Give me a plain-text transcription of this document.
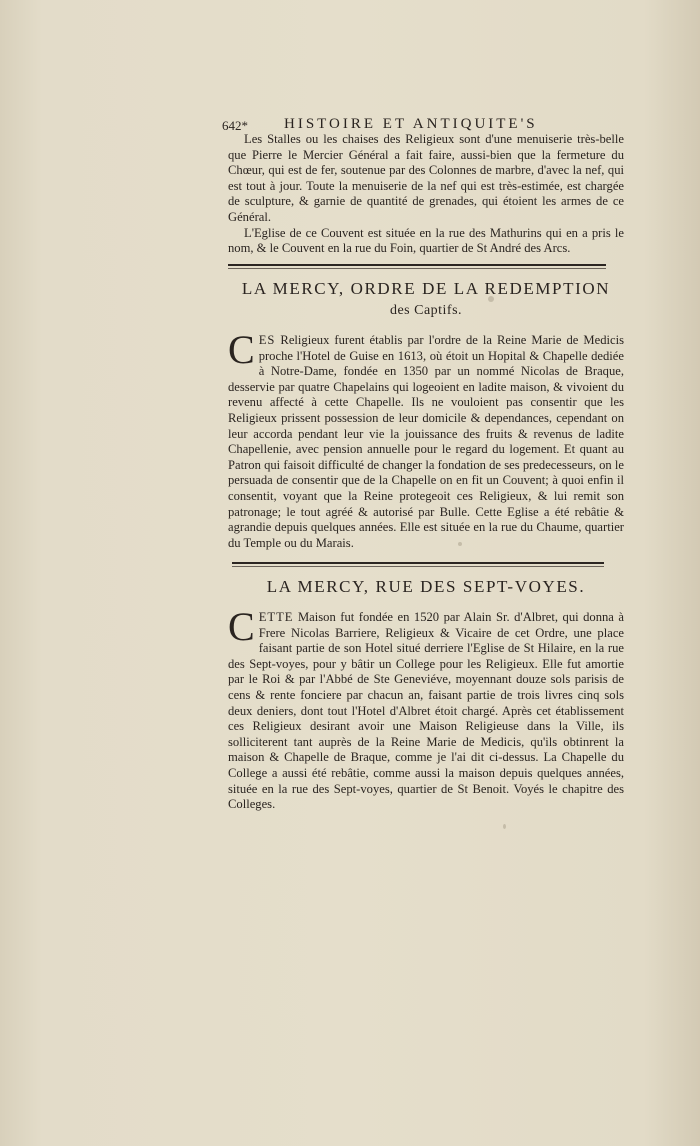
642* HISTOIRE ET ANTIQUITE'S

Les Stalles ou les chaises des Religieux sont d'une menuiserie très-belle que Pierre le Mercier Général a fait faire, aussi-bien que la fermeture du Chœur, qui est de fer, soutenue par des Colonnes de marbre, d'avec la nef, qui est tout à jour. Toute la menuiserie de la nef qui est très-estimée, est chargée de sculpture, & garnie de quantité de grenades, qui étoient les armes de ce Général.

L'Eglise de ce Couvent est située en la rue des Mathurins qui en a pris le nom, & le Couvent en la rue du Foin, quartier de St André des Arcs.

LA MERCY, ORDRE DE LA REDEMPTION
des Captifs.

C ES Religieux furent établis par l'ordre de la Reine Marie de Medicis proche l'Hotel de Guise en 1613, où étoit un Hopital & Chapelle dediée à Notre-Dame, fondée en 1350 par un nommé Nicolas de Braque, desservie par quatre Chapelains qui logeoient en ladite maison, & vivoient du revenu affecté à cette Chapelle. Ils ne vouloient pas consentir que les Religieux prissent possession de leur domicile & dependances, cependant on leur accorda pendant leur vie la jouissance des fruits & revenus de ladite Chapellenie, avec pension annuelle pour le regard du logement. Et quant au Patron qui faisoit difficulté de changer la fondation de ses predecesseurs, on le persuada de consentir que de la Chapelle on en fit un Couvent; à quoi enfin il consentit, voyant que la Reine protegeoit ces Religieux, & lui remit son patronage; le tout agréé & autorisé par Bulle. Cette Eglise a été rebâtie & agrandie depuis quelques années. Elle est située en la rue du Chaume, quartier du Temple ou du Marais.

LA MERCY, RUE DES SEPT-VOYES.

C ETTE Maison fut fondée en 1520 par Alain Sr. d'Albret, qui donna à Frere Nicolas Barriere, Religieux & Vicaire de cet Ordre, une place faisant partie de son Hotel situé derriere l'Eglise de St Hilaire, en la rue des Sept-voyes, pour y bâtir un College pour les Religieux. Elle fut amortie par le Roi & par l'Abbé de Ste Geneviéve, moyennant douze sols parisis de cens & rente fonciere par chacun an, faisant partie de trois livres cinq sols deux deniers, dont tout l'Hotel d'Albret étoit chargé. Après cet établissement ces Religieux desirant avoir une Maison Religieuse dans la Ville, ils solliciterent tant auprès de la Reine Marie de Medicis, qu'ils obtinrent la maison & Chapelle de Braque, comme je l'ai dit ci-dessus. La Chapelle du College a aussi été rebâtie, comme aussi la maison depuis quelques années, située en la rue des Sept-voyes, quartier de St Benoit. Voyés le chapitre des Colleges.
